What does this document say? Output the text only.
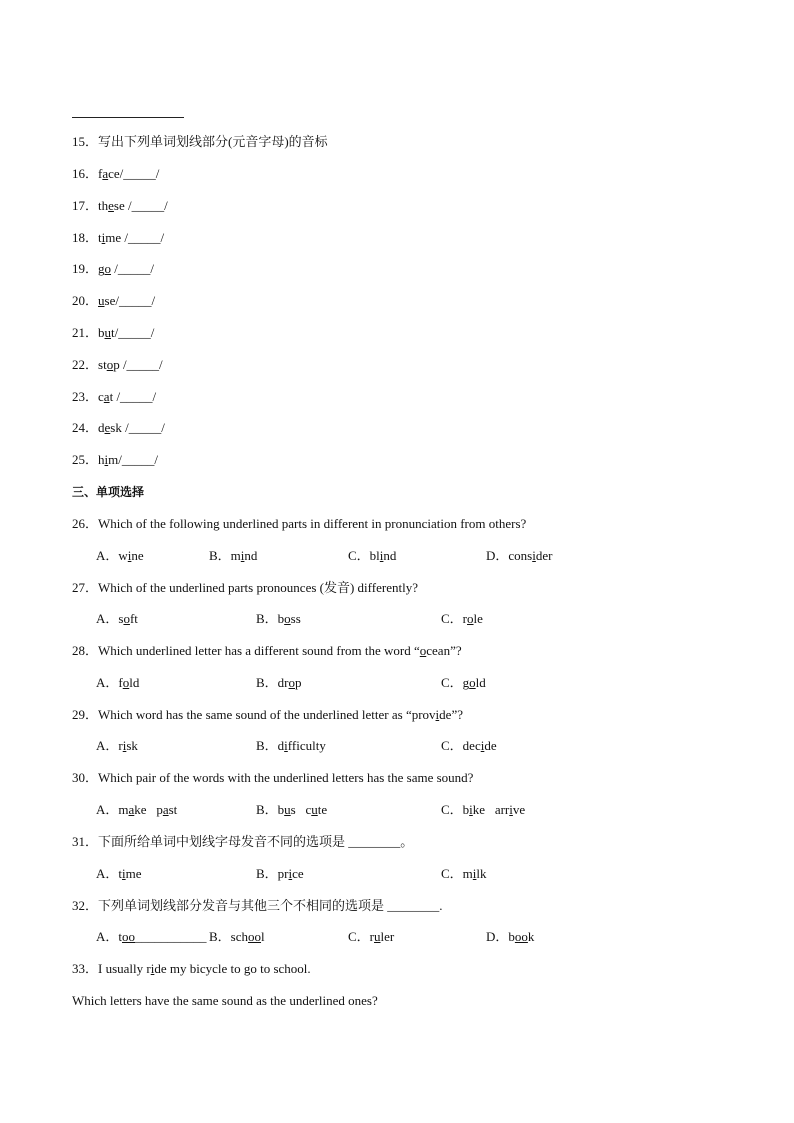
15．写出下列单词划线部分(元音字母)的音标
16．face/_____/
17．these /_____/
18．time /_____/
19．go /_____/
20．use/_____/
21．but/_____/
22．stop /_____/
23．cat /_____/
24．desk /_____/
25．him/_____/
三、单项选择
26．Which of the following underlined parts in different in pronunciation from others?
A．wine	B．mind	C．blind	D．consider
27．Which of the underlined parts pronounces (发音) differently?
A．soft	B．boss	C．role
28．Which underlined letter has a different sound from the word “ocean”?
A．fold	B．drop	C．gold
29．Which word has the same sound of the underlined letter as “provide”?
A．risk	B．difficulty	C．decide
30．Which pair of the words with the underlined letters has the same sound?
A．make   past	B．bus   cute	C．bike   arrive
31．下面所给单词中划线字母发音不同的选项是 ________。
A．time	B．price	C．milk
32．下列单词划线部分发音与其他三个不相同的选项是 ________.
A．too___________ B．school	C．ruler	D．book
33．I usually ride my bicycle to go to school.
Which letters have the same sound as the underlined ones?
